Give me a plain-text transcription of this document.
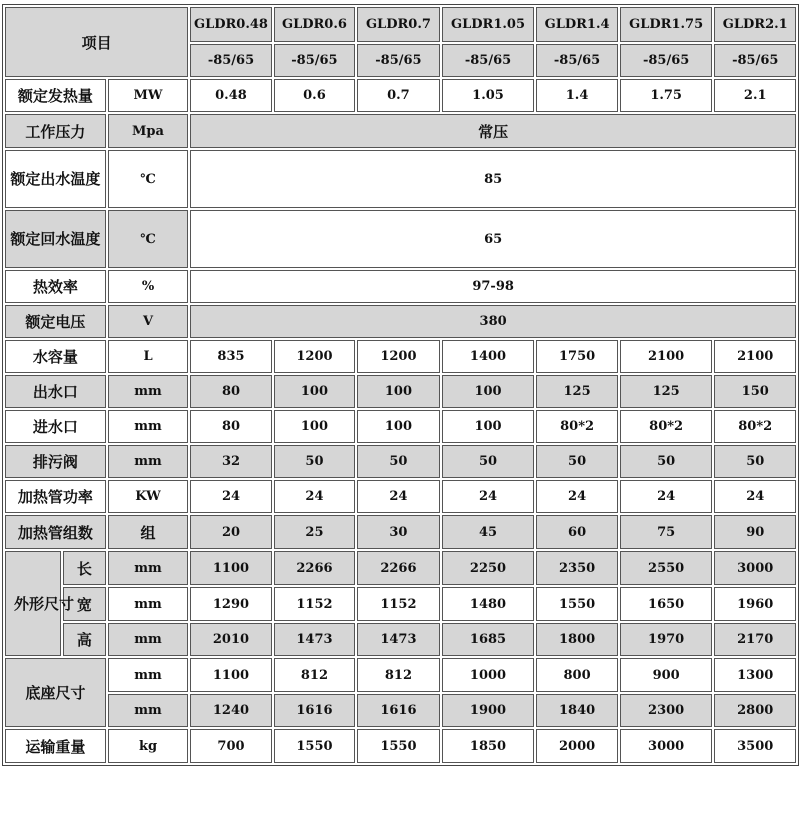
项目			GLDR0.48	GLDR0.6	GLDR0.7	GLDR1.05	GLDR1.4	GLDR1.75	GLDR2.1
			-85/65	-85/65	-85/65	-85/65	-85/65	-85/65	-85/65
额定发热量		MW	0.48	0.6	0.7	1.05	1.4	1.75	2.1
工作压力		Mpa	常压						
额定出水温度		℃	85						
额定回水温度		℃	65						
热效率		%	97-98						
额定电压		V	380						
水容量		L	835	1200	1200	1400	1750	2100	2100
出水口		mm	80	100	100	100	125	125	150
进水口		mm	80	100	100	100	80*2	80*2	80*2
排污阀		mm	32	50	50	50	50	50	50
加热管功率		KW	24	24	24	24	24	24	24
加热管组数		组	20	25	30	45	60	75	90
外形尺寸	长	mm	1100	2266	2266	2250	2350	2550	3000
	宽	mm	1290	1152	1152	1480	1550	1650	1960
	高	mm	2010	1473	1473	1685	1800	1970	2170
底座尺寸		mm	1100	812	812	1000	800	900	1300
		mm	1240	1616	1616	1900	1840	2300	2800
运输重量		kg	700	1550	1550	1850	2000	3000	3500
